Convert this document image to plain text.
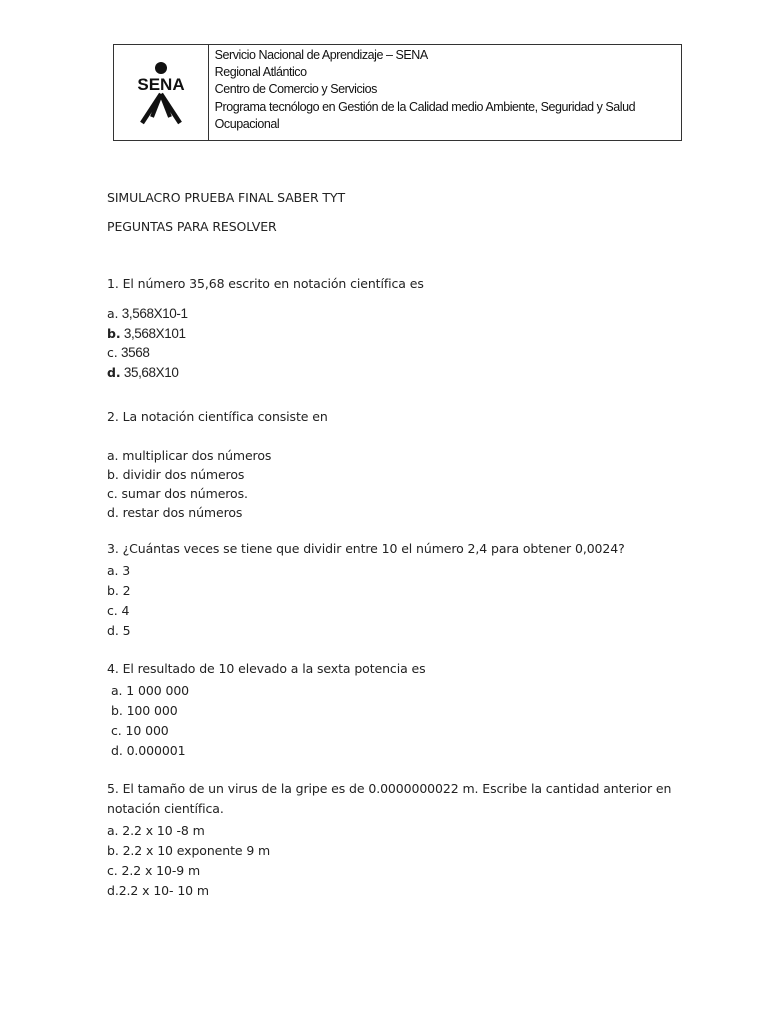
SENA
Servicio Nacional de Aprendizaje – SENA
Regional Atlántico
Centro de Comercio y Servicios
Programa tecnólogo en Gestión de la Calidad medio Ambiente, Seguridad y Salud Ocupacional
SIMULACRO PRUEBA FINAL SABER TYT
PEGUNTAS PARA RESOLVER
1. El número 35,68 escrito en notación científica es
a. 3,568X10-1
b. 3,568X101
c. 3568
d. 35,68X10
2. La notación científica consiste en
a. multiplicar dos números
b. dividir dos números
c. sumar dos números.
d. restar dos números
3. ¿Cuántas veces se tiene que dividir entre 10 el número 2,4 para obtener 0,0024?
a. 3
b. 2
c. 4
d. 5
4. El resultado de 10 elevado a la sexta potencia es
a. 1 000 000
b. 100 000
c. 10 000
d. 0.000001
5. El tamaño de un virus de la gripe es de 0.0000000022 m. Escribe la cantidad anterior en
notación científica.
a. 2.2 x 10 -8 m
b. 2.2 x 10 exponente 9 m
c. 2.2 x 10-9 m
d.2.2 x 10- 10 m
